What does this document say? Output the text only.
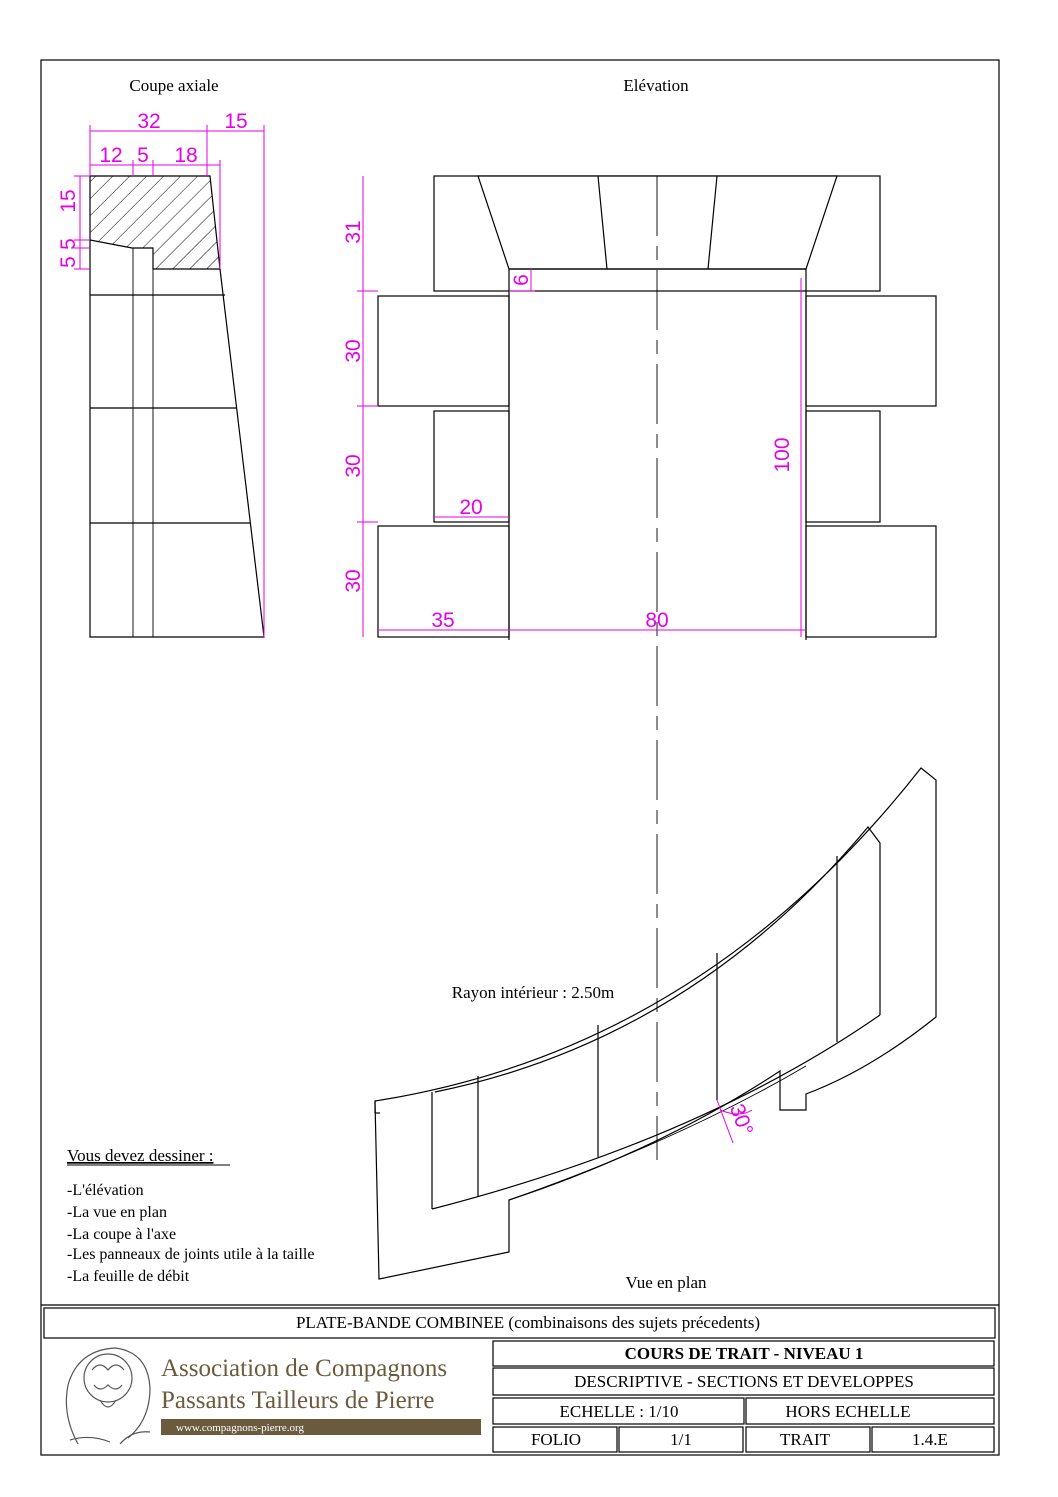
Coupe axiale
32	15
12 5 18
15
5
5
Elévation
31
30
30
30
6
100
20
35	80
30°
Rayon intérieur : 2.50m
Vue en plan
Vous devez dessiner :
-L'élévation
-La vue en plan
-La coupe à l'axe
-Les panneaux de joints utile à la taille
-La feuille de débit
PLATE-BANDE COMBINEE (combinaisons des sujets précedents)
COURS DE TRAIT - NIVEAU 1
DESCRIPTIVE - SECTIONS ET DEVELOPPES
ECHELLE : 1/10	HORS ECHELLE
FOLIO	1/1	TRAIT	1.4.E
Association de Compagnons
Passants Tailleurs de Pierre
www.compagnons-pierre.org
